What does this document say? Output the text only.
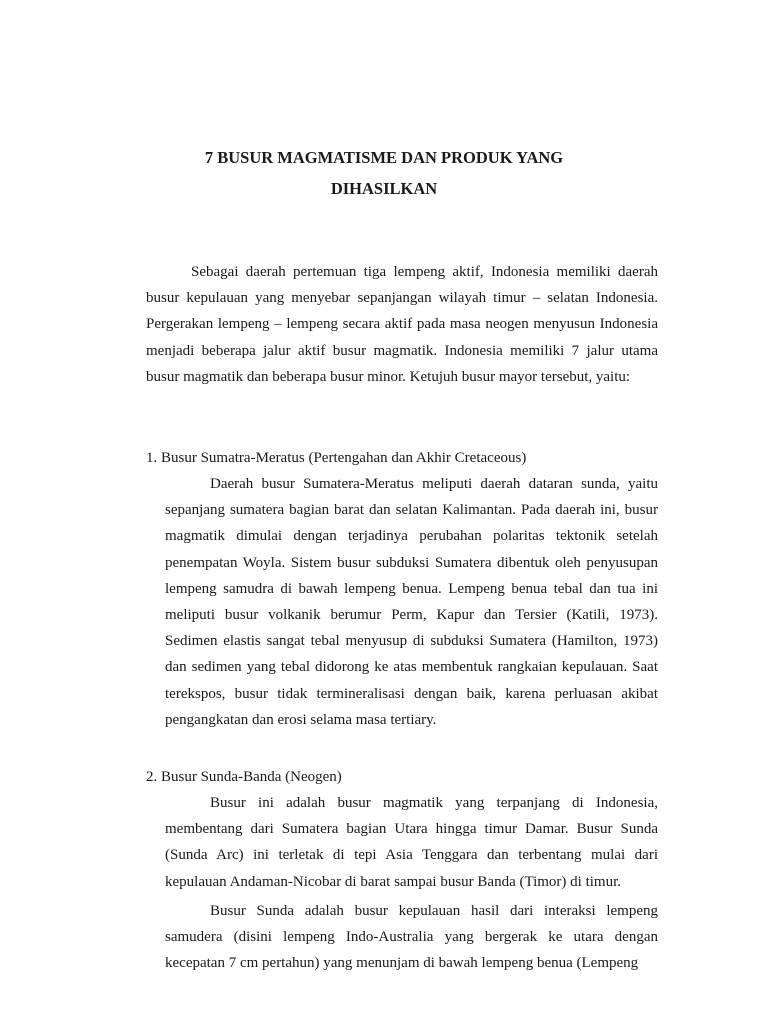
7 BUSUR MAGMATISME DAN PRODUK YANG
DIHASILKAN

Sebagai daerah pertemuan tiga lempeng aktif, Indonesia memiliki daerah busur kepulauan yang menyebar sepanjangan wilayah timur – selatan Indonesia. Pergerakan lempeng – lempeng secara aktif pada masa neogen menyusun Indonesia menjadi beberapa jalur aktif busur magmatik. Indonesia memiliki 7 jalur utama busur magmatik dan beberapa busur minor. Ketujuh busur mayor tersebut, yaitu:

1. Busur Sumatra-Meratus (Pertengahan dan Akhir Cretaceous)

Daerah busur Sumatera-Meratus meliputi daerah dataran sunda, yaitu sepanjang sumatera bagian barat dan selatan Kalimantan. Pada daerah ini, busur magmatik dimulai dengan terjadinya perubahan polaritas tektonik setelah penempatan Woyla. Sistem busur subduksi Sumatera dibentuk oleh penyusupan lempeng samudra di bawah lempeng benua. Lempeng benua tebal dan tua ini meliputi busur volkanik berumur Perm, Kapur dan Tersier (Katili, 1973). Sedimen elastis sangat tebal menyusup di subduksi Sumatera (Hamilton, 1973) dan sedimen yang tebal didorong ke atas membentuk rangkaian kepulauan. Saat terekspos, busur tidak termineralisasi dengan baik, karena perluasan akibat pengangkatan dan erosi selama masa tertiary.

2. Busur Sunda-Banda (Neogen)

Busur ini adalah busur magmatik yang terpanjang di Indonesia, membentang dari Sumatera bagian Utara hingga timur Damar. Busur Sunda (Sunda Arc) ini terletak di tepi Asia Tenggara dan terbentang mulai dari kepulauan Andaman-Nicobar di barat sampai busur Banda (Timor) di timur.

Busur Sunda adalah busur kepulauan hasil dari interaksi lempeng samudera (disini lempeng Indo-Australia yang bergerak ke utara dengan kecepatan 7 cm pertahun) yang menunjam di bawah lempeng benua (Lempeng
